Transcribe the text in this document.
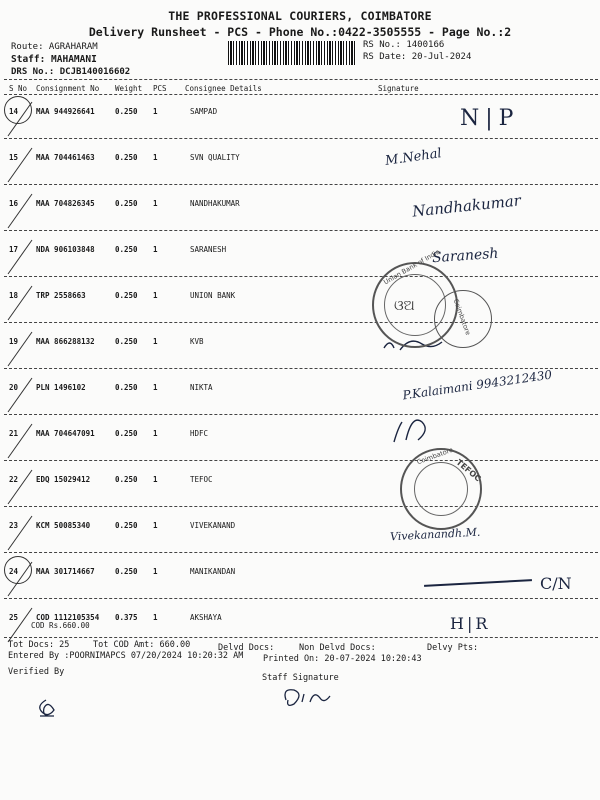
THE PROFESSIONAL COURIERS, COIMBATORE
Delivery Runsheet - PCS - Phone No.:0422-3505555 - Page No.:2
Route: AGRAHARAM
Staff: MAHAMANI
DRS No.: DCJB140016602
RS No.: 1400166
RS Date: 20-Jul-2024
S No Consignment No Weight PCS Consignee Details	Signature
14 MAA 944926641	0.250 1	SAMPAD
15 MAA 704461463	0.250 1	SVN QUALITY
16 MAA 704826345	0.250 1	NANDHAKUMAR
17 NDA 906103848	0.250 1	SARANESH
18 TRP 2558663	0.250 1	UNION BANK
19 MAA 866288132	0.250 1	KVB
20 PLN 1496102	0.250 1	NIKTA
21 MAA 704647091	0.250 1	HDFC
22 EDQ 15029412	0.250 1	TEFOC
23 KCM 50085340	0.250 1	VIVEKANAND
24 MAA 301714667	0.250 1	MANIKANDAN
25 COD 1112105354 0.375 1	AKSHAYA
N|P
M.Nehal
Nandhakumar
Saranesh
P.Kalaimani 9943212430
Vivekanandh.M.
C/N
H|R
Union Bank of India
ଓଅ	Coimbatore
TEFOC
Coimbatore
COD Rs.660.00
Tot Docs: 25	Tot COD Amt: 660.00	Delvd Docs:	Non Delvd Docs:	Delvy Pts:
Entered By :POORNIMAPCS 07/20/2024 10:20:32 AM Printed On: 20-07-2024 10:20:43
Verified By
Staff Signature
